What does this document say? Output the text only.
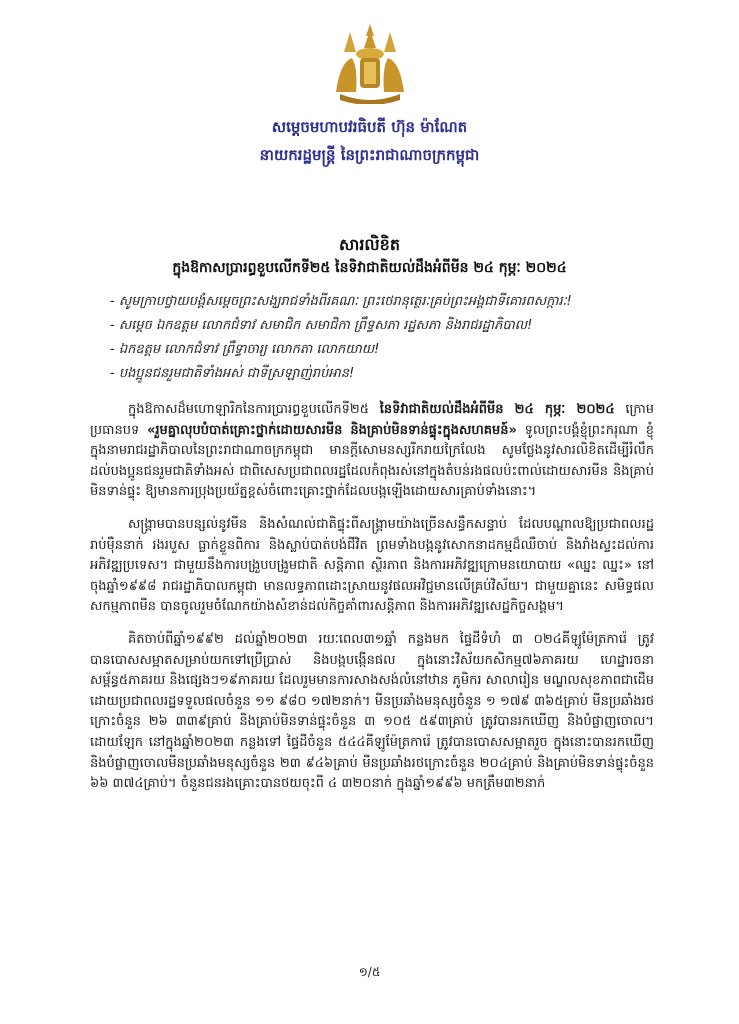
សម្តេចមហាបវរធិបតី ហ៊ុន ម៉ាណែត
នាយករដ្ឋមន្ត្រី នៃព្រះរាជាណាចក្រកម្ពុជា
សារលិខិត
ក្នុងឱកាសប្រារព្ធខួបលើកទី២៥ នៃទិវាជាតិយល់ដឹងអំពីមីន ២៤ កុម្ភៈ ២០២៤
- សូមក្រាបថ្វាយបង្គំសម្តេចព្រះសង្ឃរាជទាំងពីរគណៈ ព្រះថេរានុត្ថេរៈគ្រប់ព្រះអង្គជាទីគោរពសក្ការៈ!
- សម្តេច ឯកឧត្តម លោកជំទាវ សមាជិក សមាជិកា ព្រឹទ្ធសភា រដ្ឋសភា និងរាជរដ្ឋាភិបាល!
- ឯកឧត្តម លោកជំទាវ ព្រឹទ្ធាចារ្យ លោកតា លោកយាយ!
- បងប្អូនជនរួមជាតិទាំងអស់ ជាទីស្រឡាញ់រាប់អាន!

ក្នុងឱកាសដ៏មហោឡារិកនៃការប្រារព្ធខួបលើកទី២៥ នៃទិវាជាតិយល់ដឹងអំពីមីន ២៤ កុម្ភៈ ២០២៤ ក្រោមប្រធានបទ «រួមគ្នាលុបបំបាត់គ្រោះថ្នាក់ដោយសារមីន និងគ្រាប់មិនទាន់ផ្ទុះក្នុងសហគមន៍» ទូលព្រះបង្គំខ្ញុំព្រះករុណា ខ្ញុំ ក្នុងនាមរាជរដ្ឋាភិបាលនៃព្រះរាជាណាចក្រកម្ពុជា មានក្តីសោមនស្សរីករាយក្រៃលែង សូមថ្លែងនូវសារលិខិតដើម្បីរំលឹកដល់បងប្អូនជនរួមជាតិទាំងអស់ ជាពិសេសប្រជាពលរដ្ឋដែលកំពុងរស់នៅក្នុងតំបន់រងផលប៉ះពាល់ដោយសារមីន និងគ្រាប់មិនទាន់ផ្ទុះ ឱ្យមានការប្រុងប្រយ័ត្នខ្ពស់ចំពោះគ្រោះថ្នាក់ដែលបង្កឡើងដោយសារគ្រាប់ទាំងនោះ។

សង្គ្រាមបានបន្សល់នូវមីន និងសំណល់ជាតិផ្ទុះពីសង្គ្រាមយ៉ាងច្រើនសន្ធឹកសន្ធាប់ ដែលបណ្តាលឱ្យប្រជាពលរដ្ឋរាប់ម៉ឺននាក់ រងរបួស ធ្លាក់ខ្លួនពិការ និងស្លាប់បាត់បង់ជីវិត ព្រមទាំងបង្កនូវសោកនាដកម្មដ៏ឈឺចាប់ និងរាំងស្ទះដល់ការអភិវឌ្ឍប្រទេស។ ជាមួយនឹងការបង្រួបបង្រួមជាតិ សន្តិភាព ស្ថិរភាព និងការអភិវឌ្ឍក្រោមនយោបាយ «ឈ្នះ ឈ្នះ» នៅចុងឆ្នាំ១៩៩៨ រាជរដ្ឋាភិបាលកម្ពុជា មានលទ្ធភាពដោះស្រាយនូវផលអវិជ្ជមានលើគ្រប់វិស័យ។ ជាមួយគ្នានេះ សមិទ្ធផលសកម្មភាពមីន បានចូលរួមចំណែកយ៉ាងសំខាន់ដល់កិច្ចគាំពារសន្តិភាព និងការអភិវឌ្ឍសេដ្ឋកិច្ចសង្គម។

គិតចាប់ពីឆ្នាំ១៩៩២ ដល់ឆ្នាំ២០២៣ រយៈពេល៣១ឆ្នាំ កន្លងមក ផ្ទៃដីទំហំ ៣ ០២៤គីឡូម៉ែត្រការ៉េ ត្រូវបានបោសសម្អាតសម្រាប់យកទៅប្រើប្រាស់ និងបង្កបង្កើនផល ក្នុងនោះវិស័យកសិកម្ម៧៦ភាគរយ ហេដ្ឋារចនាសម្ព័ន្ធ៥ភាគរយ និងផ្សេងៗ១៩ភាគរយ ដែលរួមមានការសាងសង់លំនៅឋាន ភូមិករ សាលារៀន មណ្ឌលសុខភាពជាដើម ដោយប្រជាពលរដ្ឋទទួលផលចំនួន ១១ ៩៨០ ១៧២នាក់។ មីនប្រឆាំងមនុស្សចំនួន ១ ១៧៩ ៣៦៥គ្រាប់ មីនប្រឆាំងរថក្រោះចំនួន ២៦ ៣៣៩គ្រាប់ និងគ្រាប់មិនទាន់ផ្ទុះចំនួន ៣ ១០៥ ៥៩៣គ្រាប់ ត្រូវបានរកឃើញ និងបំផ្លាញចោល។ ដោយឡែក នៅក្នុងឆ្នាំ២០២៣ កន្លងទៅ ផ្ទៃដីចំនួន ៥៤៤គីឡូម៉ែត្រការ៉េ ត្រូវបានបោសសម្អាតរួច ក្នុងនោះបានរកឃើញ និងបំផ្លាញចោលមីនប្រឆាំងមនុស្សចំនួន ២៣ ៩៤៦គ្រាប់ មីនប្រឆាំងរថក្រោះចំនួន ២០៤គ្រាប់ និងគ្រាប់មិនទាន់ផ្ទុះចំនួន ៦៦ ៣៧៤គ្រាប់។ ចំនួនជនរងគ្រោះបានថយចុះពី ៤ ៣២០នាក់ ក្នុងឆ្នាំ១៩៩៦ មកត្រឹម៣២នាក់

១/៥
